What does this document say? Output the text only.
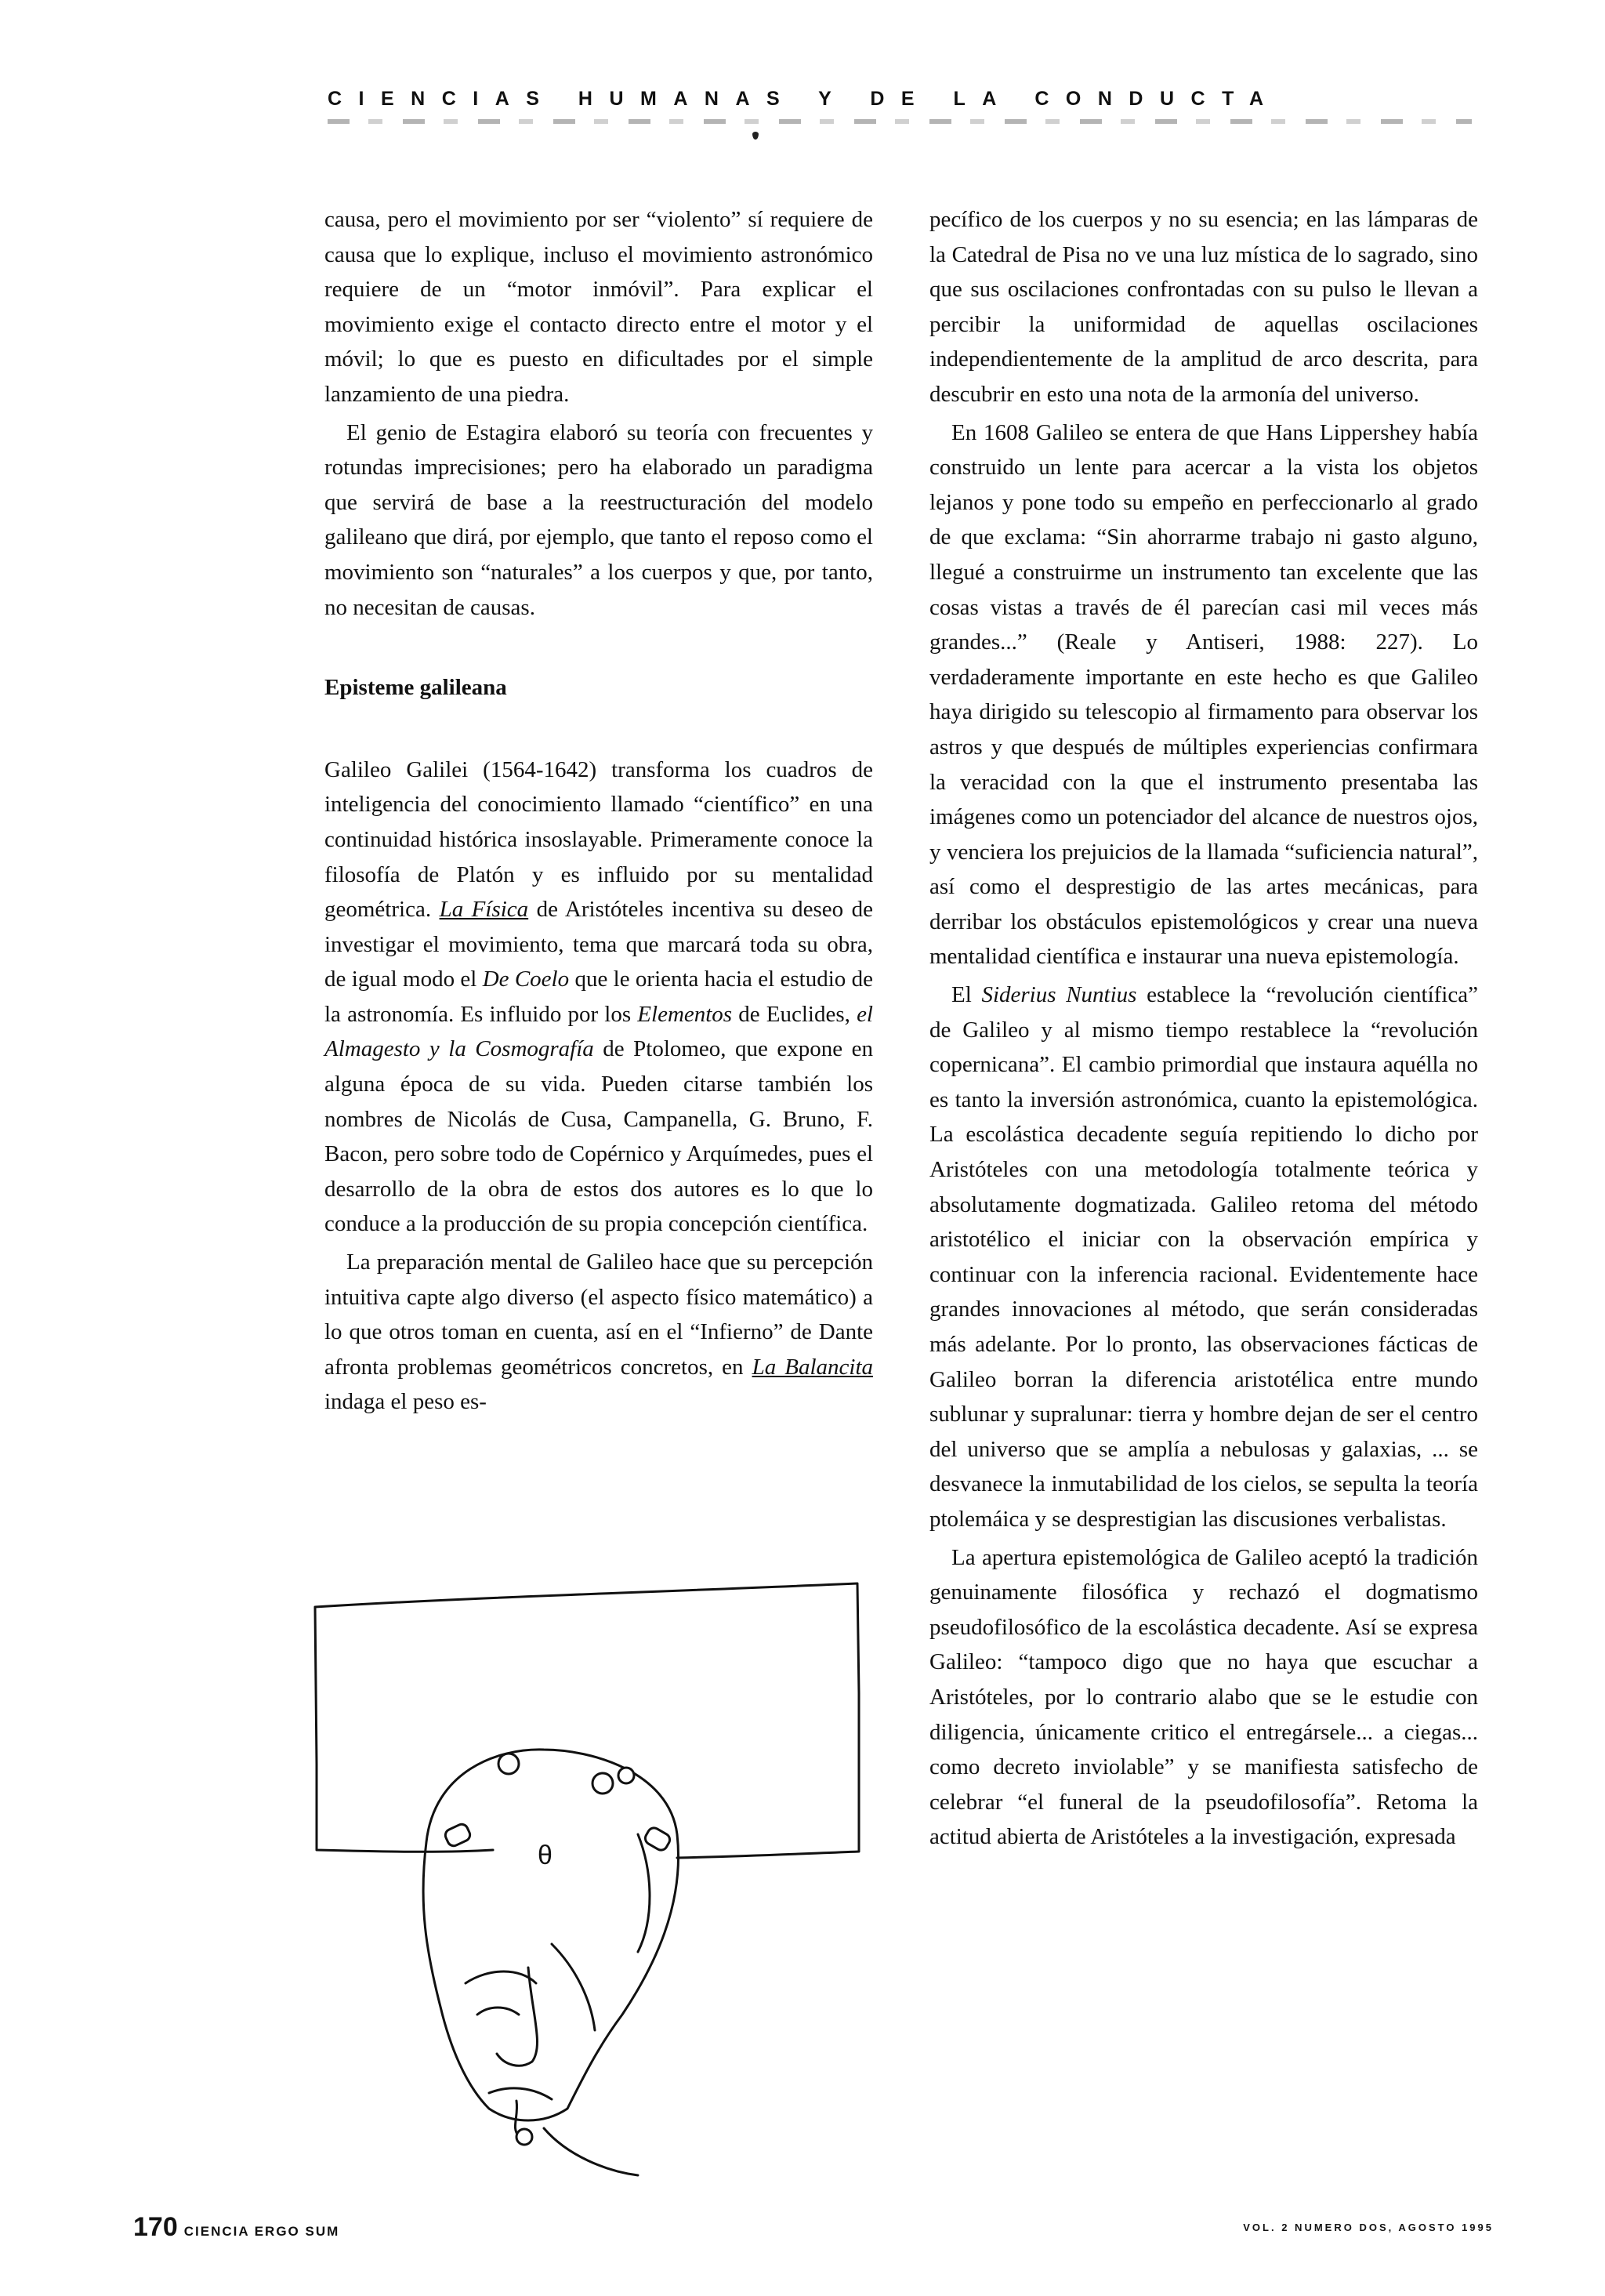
CIENCIAS HUMANAS Y DE LA CONDUCTA

causa, pero el movimiento por ser “violento” sí requiere de causa que lo explique, incluso el movimiento astronómico requiere de un “motor inmóvil”. Para explicar el movimiento exige el contacto directo entre el motor y el móvil; lo que es puesto en dificultades por el simple lanzamiento de una piedra.

El genio de Estagira elaboró su teoría con frecuentes y rotundas imprecisiones; pero ha elaborado un paradigma que servirá de base a la reestructuración del modelo galileano que dirá, por ejemplo, que tanto el reposo como el movimiento son “naturales” a los cuerpos y que, por tanto, no necesitan de causas.

Episteme galileana

Galileo Galilei (1564-1642) transforma los cuadros de inteligencia del conocimiento llamado “científico” en una continuidad histórica insoslayable. Primeramente conoce la filosofía de Platón y es influido por su mentalidad geométrica. La Física de Aristóteles incentiva su deseo de investigar el movimiento, tema que marcará toda su obra, de igual modo el De Coelo que le orienta hacia el estudio de la astronomía. Es influido por los Elementos de Euclides, el Almagesto y la Cosmografía de Ptolomeo, que expone en alguna época de su vida. Pueden citarse también los nombres de Nicolás de Cusa, Campanella, G. Bruno, F. Bacon, pero sobre todo de Copérnico y Arquímedes, pues el desarrollo de la obra de estos dos autores es lo que lo conduce a la producción de su propia concepción científica.

La preparación mental de Galileo hace que su percepción intuitiva capte algo diverso (el aspecto físico matemático) a lo que otros toman en cuenta, así en el “Infierno” de Dante afronta problemas geométricos concretos, en La Balancita indaga el peso es-

pecífico de los cuerpos y no su esencia; en las lámparas de la Catedral de Pisa no ve una luz mística de lo sagrado, sino que sus oscilaciones confrontadas con su pulso le llevan a percibir la uniformidad de aquellas oscilaciones independientemente de la amplitud de arco descrita, para descubrir en esto una nota de la armonía del universo.

En 1608 Galileo se entera de que Hans Lippershey había construido un lente para acercar a la vista los objetos lejanos y pone todo su empeño en perfeccionarlo al grado de que exclama: “Sin ahorrarme trabajo ni gasto alguno, llegué a construirme un instrumento tan excelente que las cosas vistas a través de él parecían casi mil veces más grandes...” (Reale y Antiseri, 1988: 227). Lo verdaderamente importante en este hecho es que Galileo haya dirigido su telescopio al firmamento para observar los astros y que después de múltiples experiencias confirmara la veracidad con la que el instrumento presentaba las imágenes como un potenciador del alcance de nuestros ojos, y venciera los prejuicios de la llamada “suficiencia natural”, así como el desprestigio de las artes mecánicas, para derribar los obstáculos epistemológicos y crear una nueva mentalidad científica e instaurar una nueva epistemología.

El Siderius Nuntius establece la “revolución científica” de Galileo y al mismo tiempo restablece la “revolución copernicana”. El cambio primordial que instaura aquélla no es tanto la inversión astronómica, cuanto la epistemológica. La escolástica decadente seguía repitiendo lo dicho por Aristóteles con una metodología totalmente teórica y absolutamente dogmatizada. Galileo retoma del método aristotélico el iniciar con la observación empírica y continuar con la inferencia racional. Evidentemente hace grandes innovaciones al método, que serán consideradas más adelante. Por lo pronto, las observaciones fácticas de Galileo borran la diferencia aristotélica entre mundo sublunar y supralunar: tierra y hombre dejan de ser el centro del universo que se amplía a nebulosas y galaxias, ... se desvanece la inmutabilidad de los cielos, se sepulta la teoría ptolemáica y se desprestigian las discusiones verbalistas.

La apertura epistemológica de Galileo aceptó la tradición genuinamente filosófica y rechazó el dogmatismo pseudofilosófico de la escolástica decadente. Así se expresa Galileo: “tampoco digo que no haya que escuchar a Aristóteles, por lo contrario alabo que se le estudie con diligencia, únicamente critico el entregársele... a ciegas... como decreto inviolable” y se manifiesta satisfecho de celebrar “el funeral de la pseudofilosofía”. Retoma la actitud abierta de Aristóteles a la investigación, expresada

θ
170 CIENCIA ERGO SUM	VOL. 2 NUMERO DOS, AGOSTO 1995
